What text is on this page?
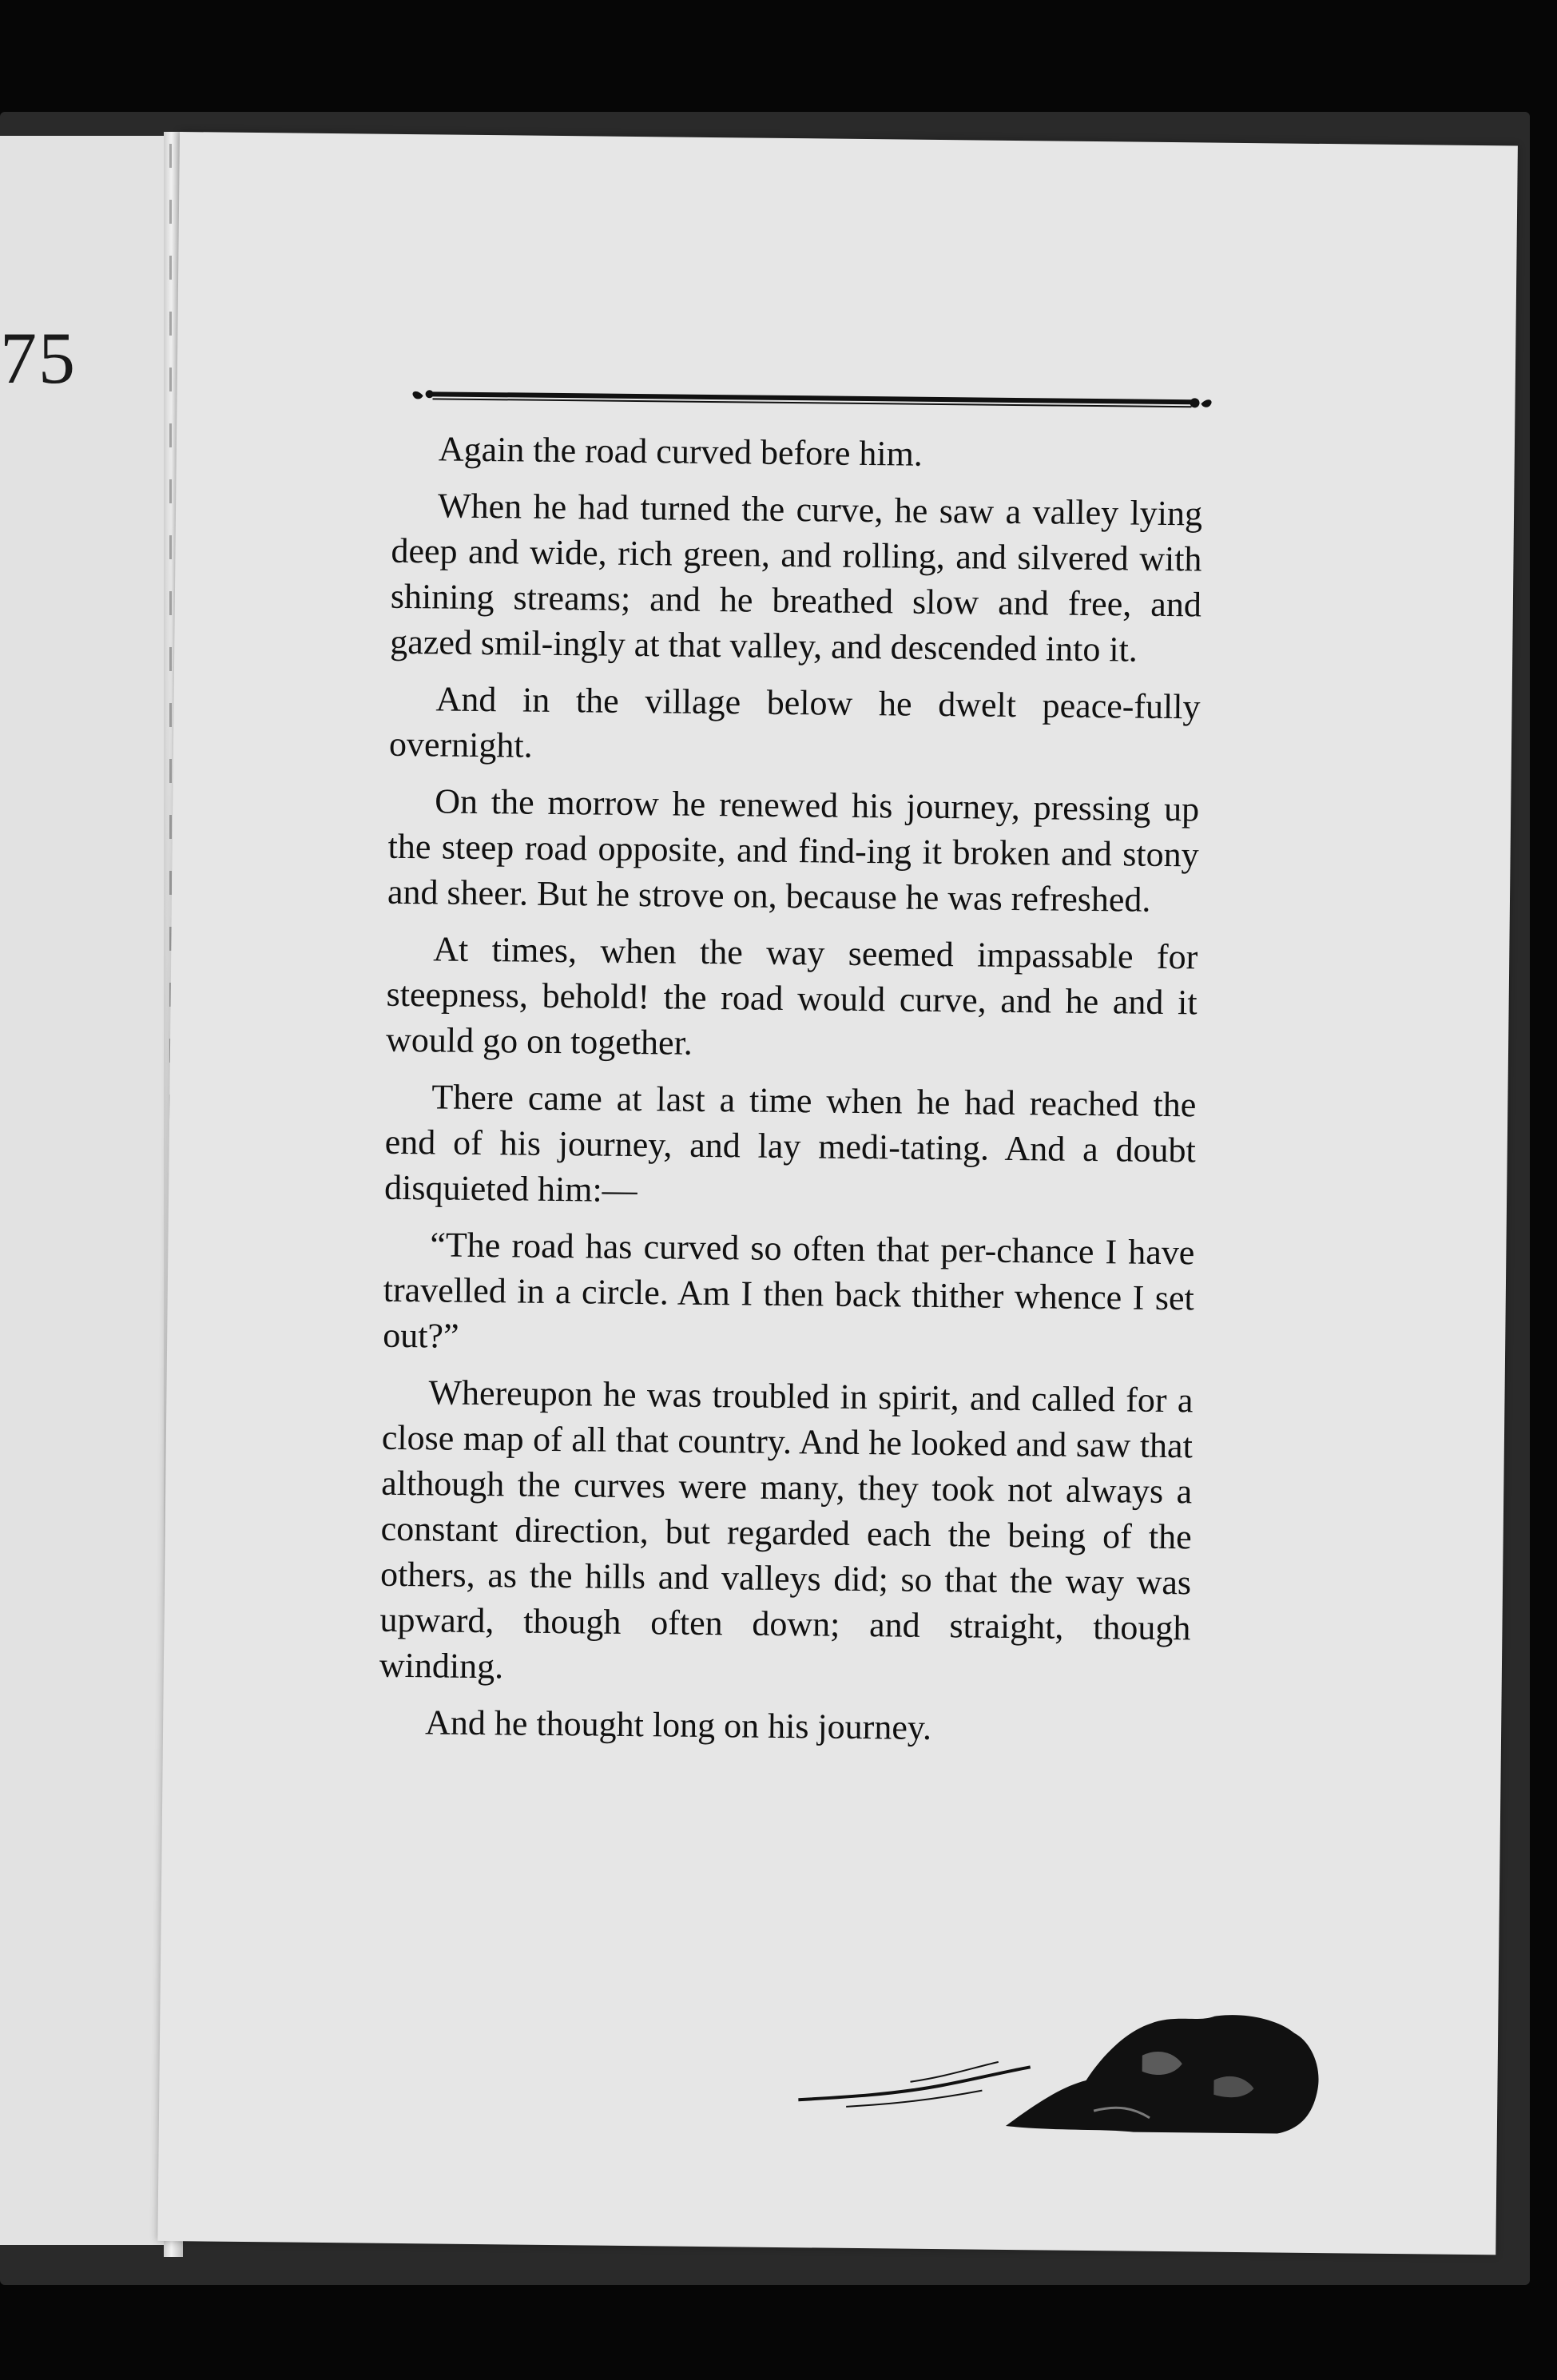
75

Again the road curved before him.

When he had turned the curve, he saw a valley lying deep and wide, rich green, and rolling, and silvered with shining streams; and he breathed slow and free, and gazed smil-ingly at that valley, and descended into it.

And in the village below he dwelt peace-fully overnight.

On the morrow he renewed his journey, pressing up the steep road opposite, and find-ing it broken and stony and sheer. But he strove on, because he was refreshed.

At times, when the way seemed impassable for steepness, behold! the road would curve, and he and it would go on together.

There came at last a time when he had reached the end of his journey, and lay medi-tating. And a doubt disquieted him:—

“The road has curved so often that per-chance I have travelled in a circle. Am I then back thither whence I set out?”

Whereupon he was troubled in spirit, and called for a close map of all that country. And he looked and saw that although the curves were many, they took not always a constant direction, but regarded each the being of the others, as the hills and valleys did; so that the way was upward, though often down; and straight, though winding.

And he thought long on his journey.
